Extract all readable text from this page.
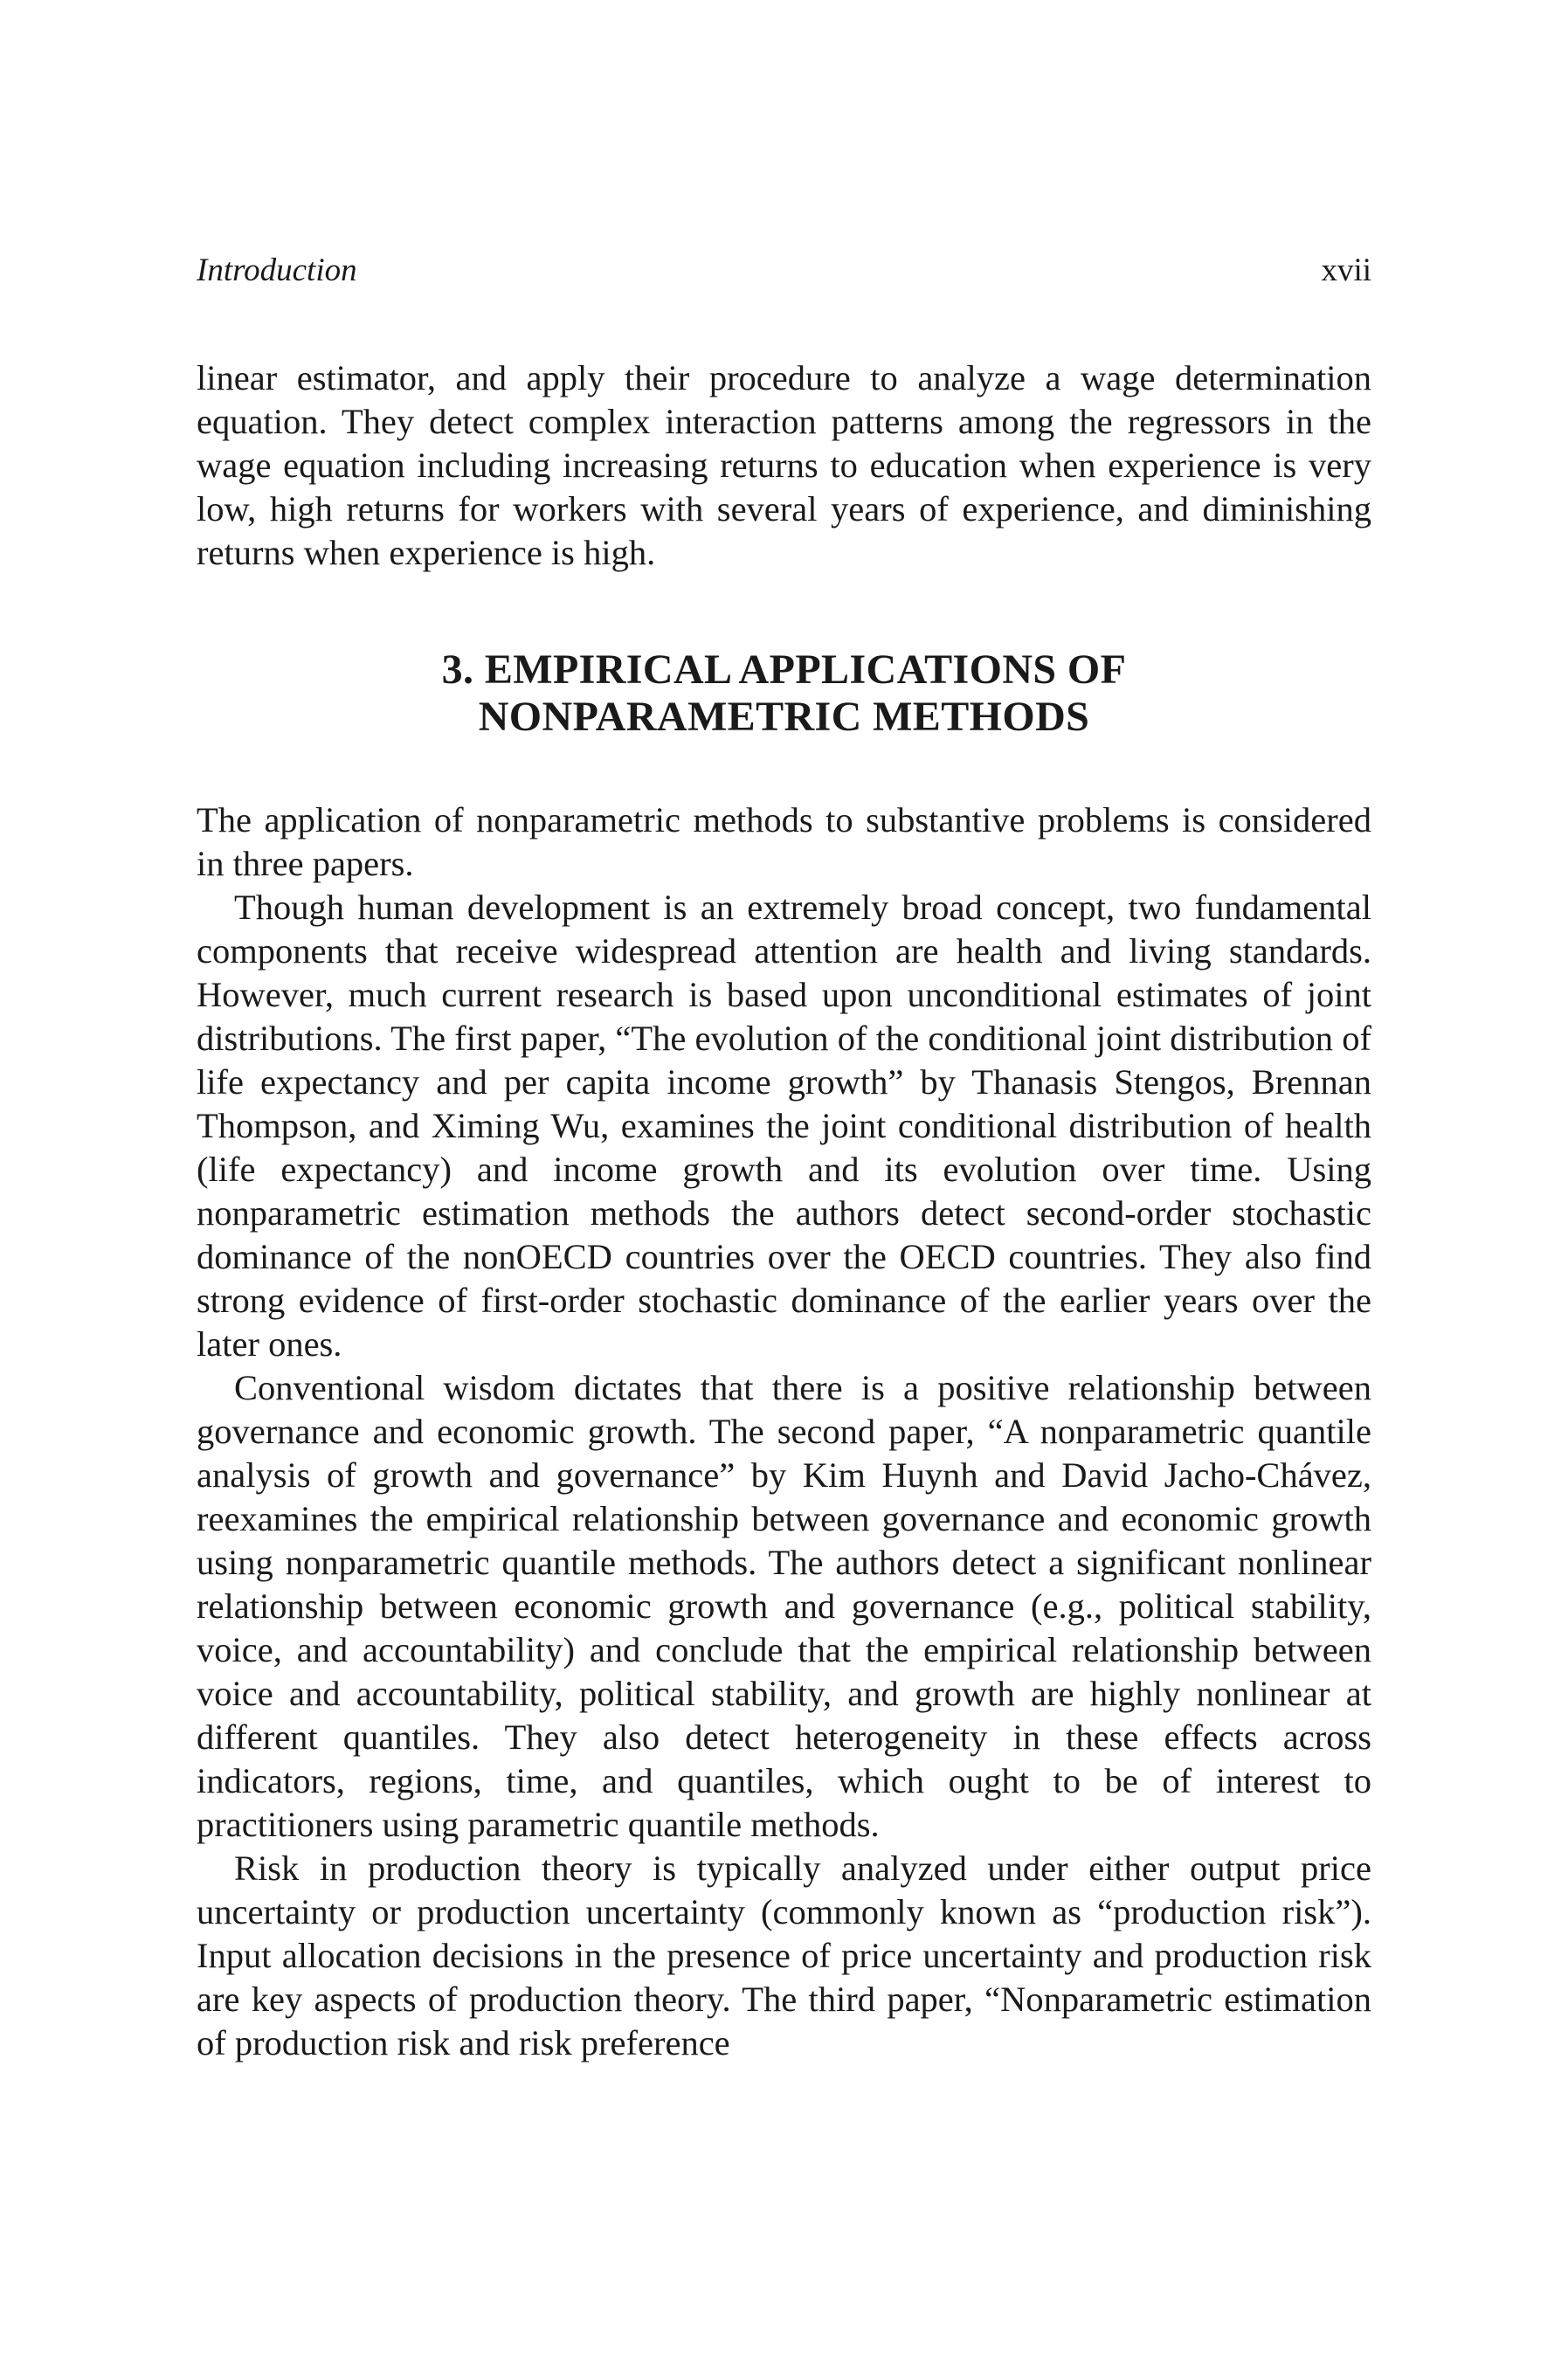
Introduction	xvii

linear estimator, and apply their procedure to analyze a wage determination equation. They detect complex interaction patterns among the regressors in the wage equation including increasing returns to education when experience is very low, high returns for workers with several years of experience, and diminishing returns when experience is high.

3. EMPIRICAL APPLICATIONS OF
NONPARAMETRIC METHODS

The application of nonparametric methods to substantive problems is considered in three papers.

Though human development is an extremely broad concept, two fundamental components that receive widespread attention are health and living standards. However, much current research is based upon unconditional estimates of joint distributions. The first paper, “The evolution of the conditional joint distribution of life expectancy and per capita income growth” by Thanasis Stengos, Brennan Thompson, and Ximing Wu, examines the joint conditional distribution of health (life expectancy) and income growth and its evolution over time. Using nonparametric estimation methods the authors detect second-order stochastic dominance of the nonOECD countries over the OECD countries. They also find strong evidence of first-order stochastic dominance of the earlier years over the later ones.

Conventional wisdom dictates that there is a positive relationship between governance and economic growth. The second paper, “A nonparametric quantile analysis of growth and governance” by Kim Huynh and David Jacho-Chávez, reexamines the empirical relationship between governance and economic growth using nonparametric quantile methods. The authors detect a significant nonlinear relationship between economic growth and governance (e.g., political stability, voice, and accountability) and conclude that the empirical relationship between voice and accountability, political stability, and growth are highly nonlinear at different quantiles. They also detect heterogeneity in these effects across indicators, regions, time, and quantiles, which ought to be of interest to practitioners using parametric quantile methods.

Risk in production theory is typically analyzed under either output price uncertainty or production uncertainty (commonly known as “production risk”). Input allocation decisions in the presence of price uncertainty and production risk are key aspects of production theory. The third paper, “Nonparametric estimation of production risk and risk preference
